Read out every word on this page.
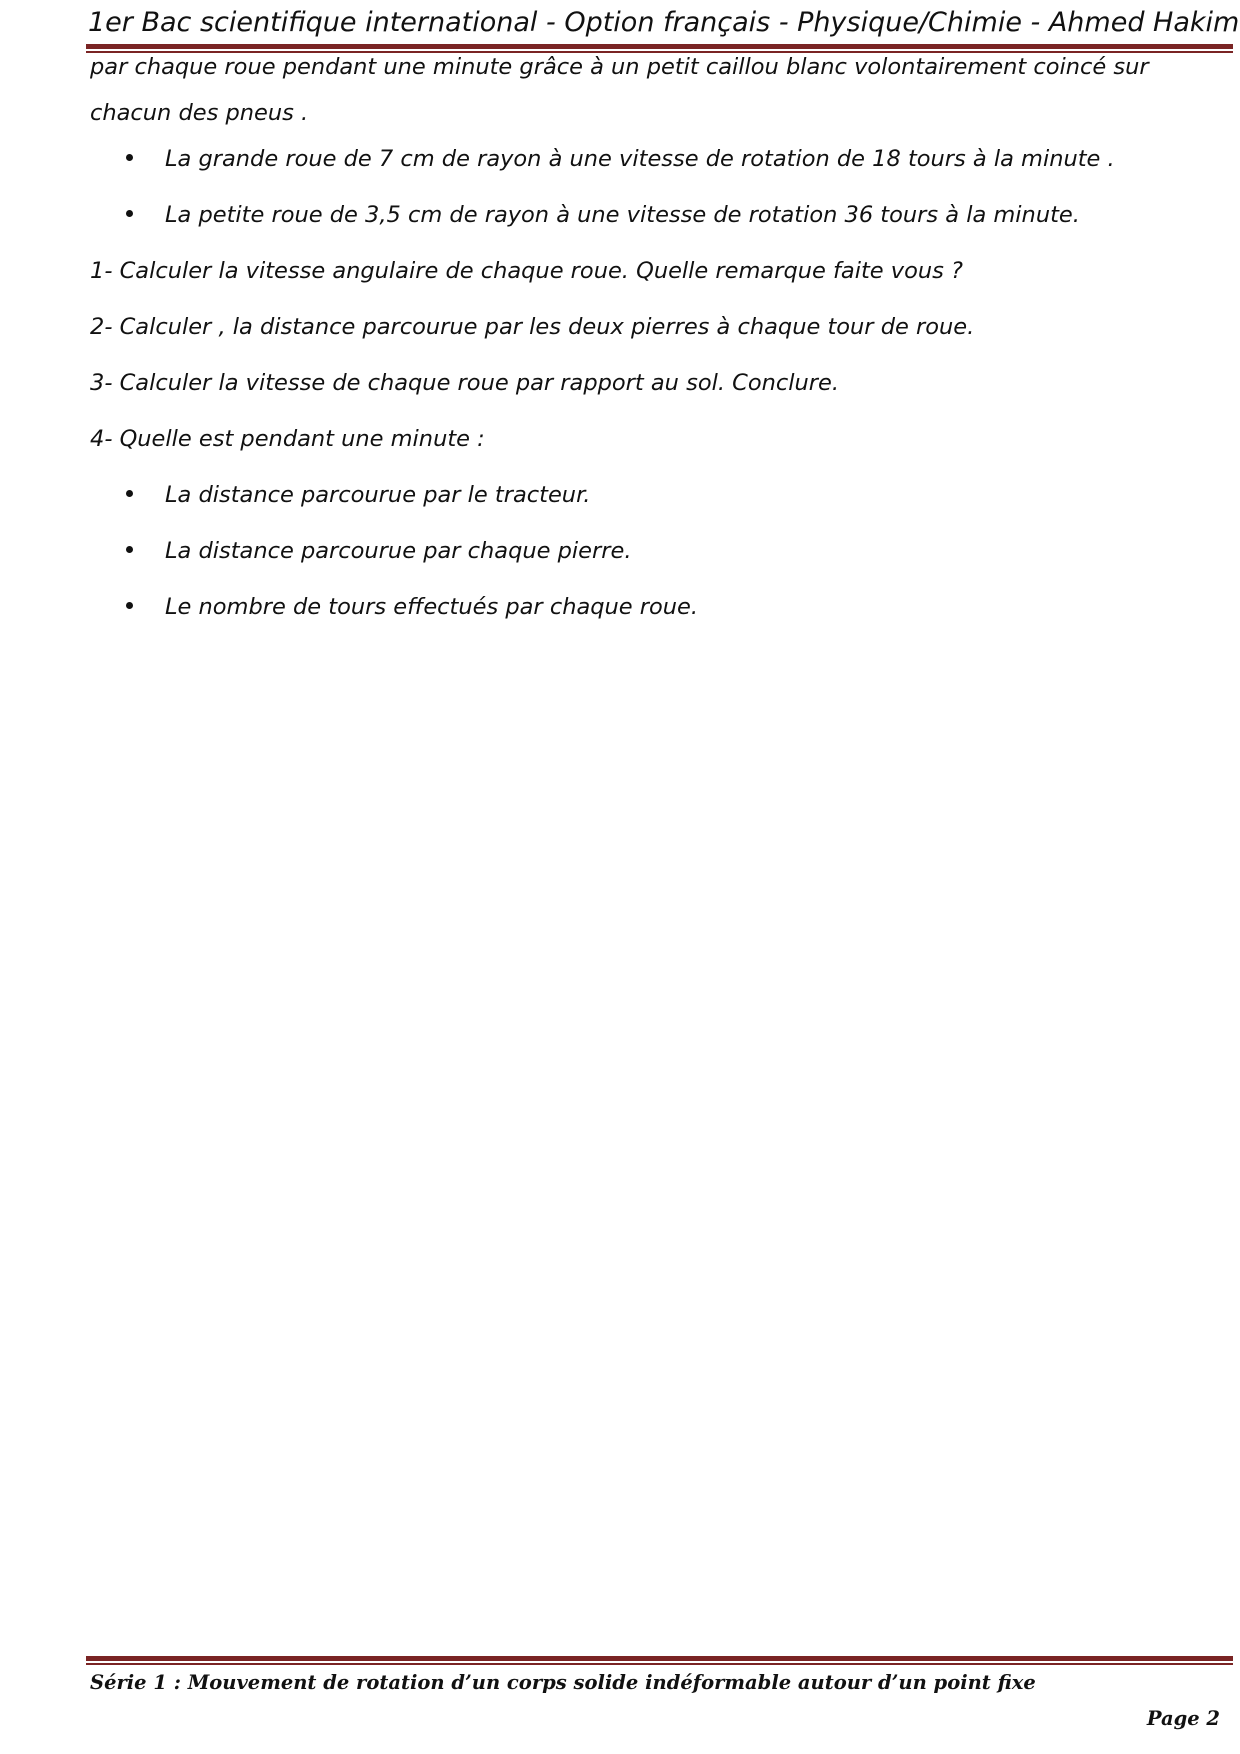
1er Bac scientifique international - Option français - Physique/Chimie - Ahmed Hakim
par chaque roue pendant une minute grâce à un petit caillou blanc volontairement coincé sur
chacun des pneus .
La grande roue de 7 cm de rayon à une vitesse de rotation de 18 tours à la minute .
La petite roue de 3,5 cm de rayon à une vitesse de rotation 36 tours à la minute.
1- Calculer la vitesse angulaire de chaque roue. Quelle remarque faite vous ?
2- Calculer , la distance parcourue par les deux pierres à chaque tour de roue.
3- Calculer la vitesse de chaque roue par rapport au sol. Conclure.
4- Quelle est pendant une minute :
La distance parcourue par le tracteur.
La distance parcourue par chaque pierre.
Le nombre de tours effectués par chaque roue.
Série 1 : Mouvement de rotation d’un corps solide indéformable autour d’un point fixe
Page 2
